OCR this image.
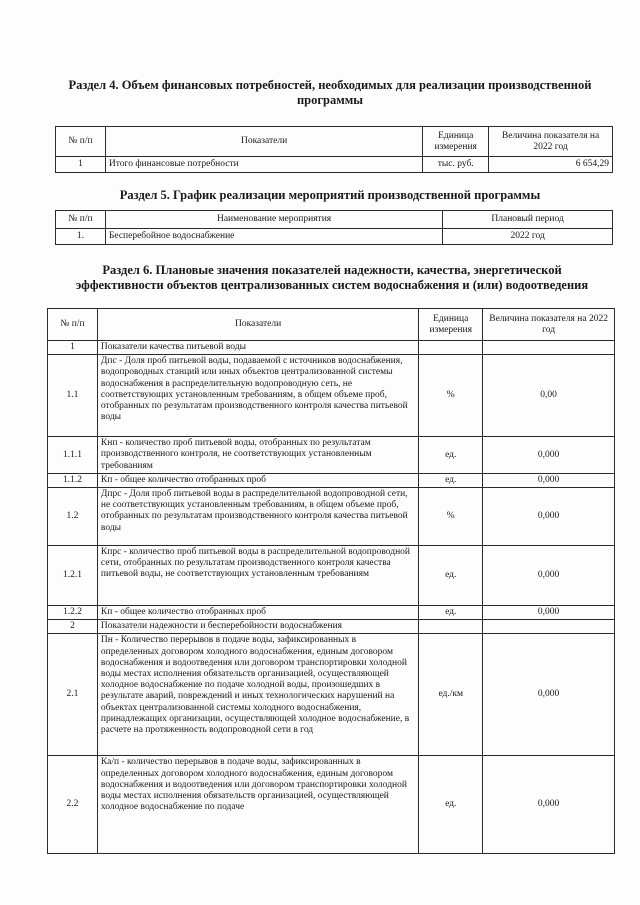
Раздел 4. Объем финансовых потребностей, необходимых для реализации производственной программы

№ п/п	Показатели	Единица измерения	Величина показателя на 2022 год
1	Итого финансовые потребности	тыс. руб.	6 654,29

Раздел 5. График реализации мероприятий производственной программы

№ п/п	Наименование мероприятия	Плановый период
1.	Бесперебойное водоснабжение	2022 год

Раздел 6. Плановые значения показателей надежности, качества, энергетической эффективности объектов централизованных систем водоснабжения и (или) водоотведения

№ п/п	Показатели	Единица измерения	Величина показателя на 2022 год
1	Показатели качества питьевой воды		
1.1	Дпс - Доля проб питьевой воды, подаваемой с источников водоснабжения, водопроводных станций или иных объектов централизованной системы водоснабжения в распределительную водопроводную сеть, не соответствующих установленным требованиям, в общем объеме проб, отобранных по результатам производственного контроля качества питьевой воды	%	0,00
1.1.1	Кнп - количество проб питьевой воды, отобранных по результатам производственного контроля, не соответствующих установленным требованиям	ед.	0,000
1.1.2	Кп - общее количество отобранных проб	ед.	0,000
1.2	Дпрс - Доля проб питьевой воды в распределительной водопроводной сети, не соответствующих установленным требованиям, в общем объеме проб, отобранных по результатам производственного контроля качества питьевой воды	%	0,000
1.2.1	Кпрс - количество проб питьевой воды в распределительной водопроводной сети, отобранных по результатам производственного контроля качества питьевой воды, не соответствующих установленным требованиям	ед.	0,000
1.2.2	Кп - общее количество отобранных проб	ед.	0,000
2	Показатели надежности и бесперебойности водоснабжения		
2.1	Пн - Количество перерывов в подаче воды, зафиксированных в определенных договором холодного водоснабжения, единым договором водоснабжения и водоотведения или договором транспортировки холодной воды местах исполнения обязательств организацией, осуществляющей холодное водоснабжение по подаче холодной воды, произошедших в результате аварий, повреждений и иных технологических нарушений на объектах централизованной системы холодного водоснабжения, принадлежащих организации, осуществляющей холодное водоснабжение, в расчете на протяженность водопроводной сети в год	ед./км	0,000
2.2	Ка/п - количество перерывов в подаче воды, зафиксированных в определенных договором холодного водоснабжения, единым договором водоснабжения и водоотведения или договором транспортировки холодной воды местах исполнения обязательств организацией, осуществляющей холодное водоснабжение по подаче	ед.	0,000
